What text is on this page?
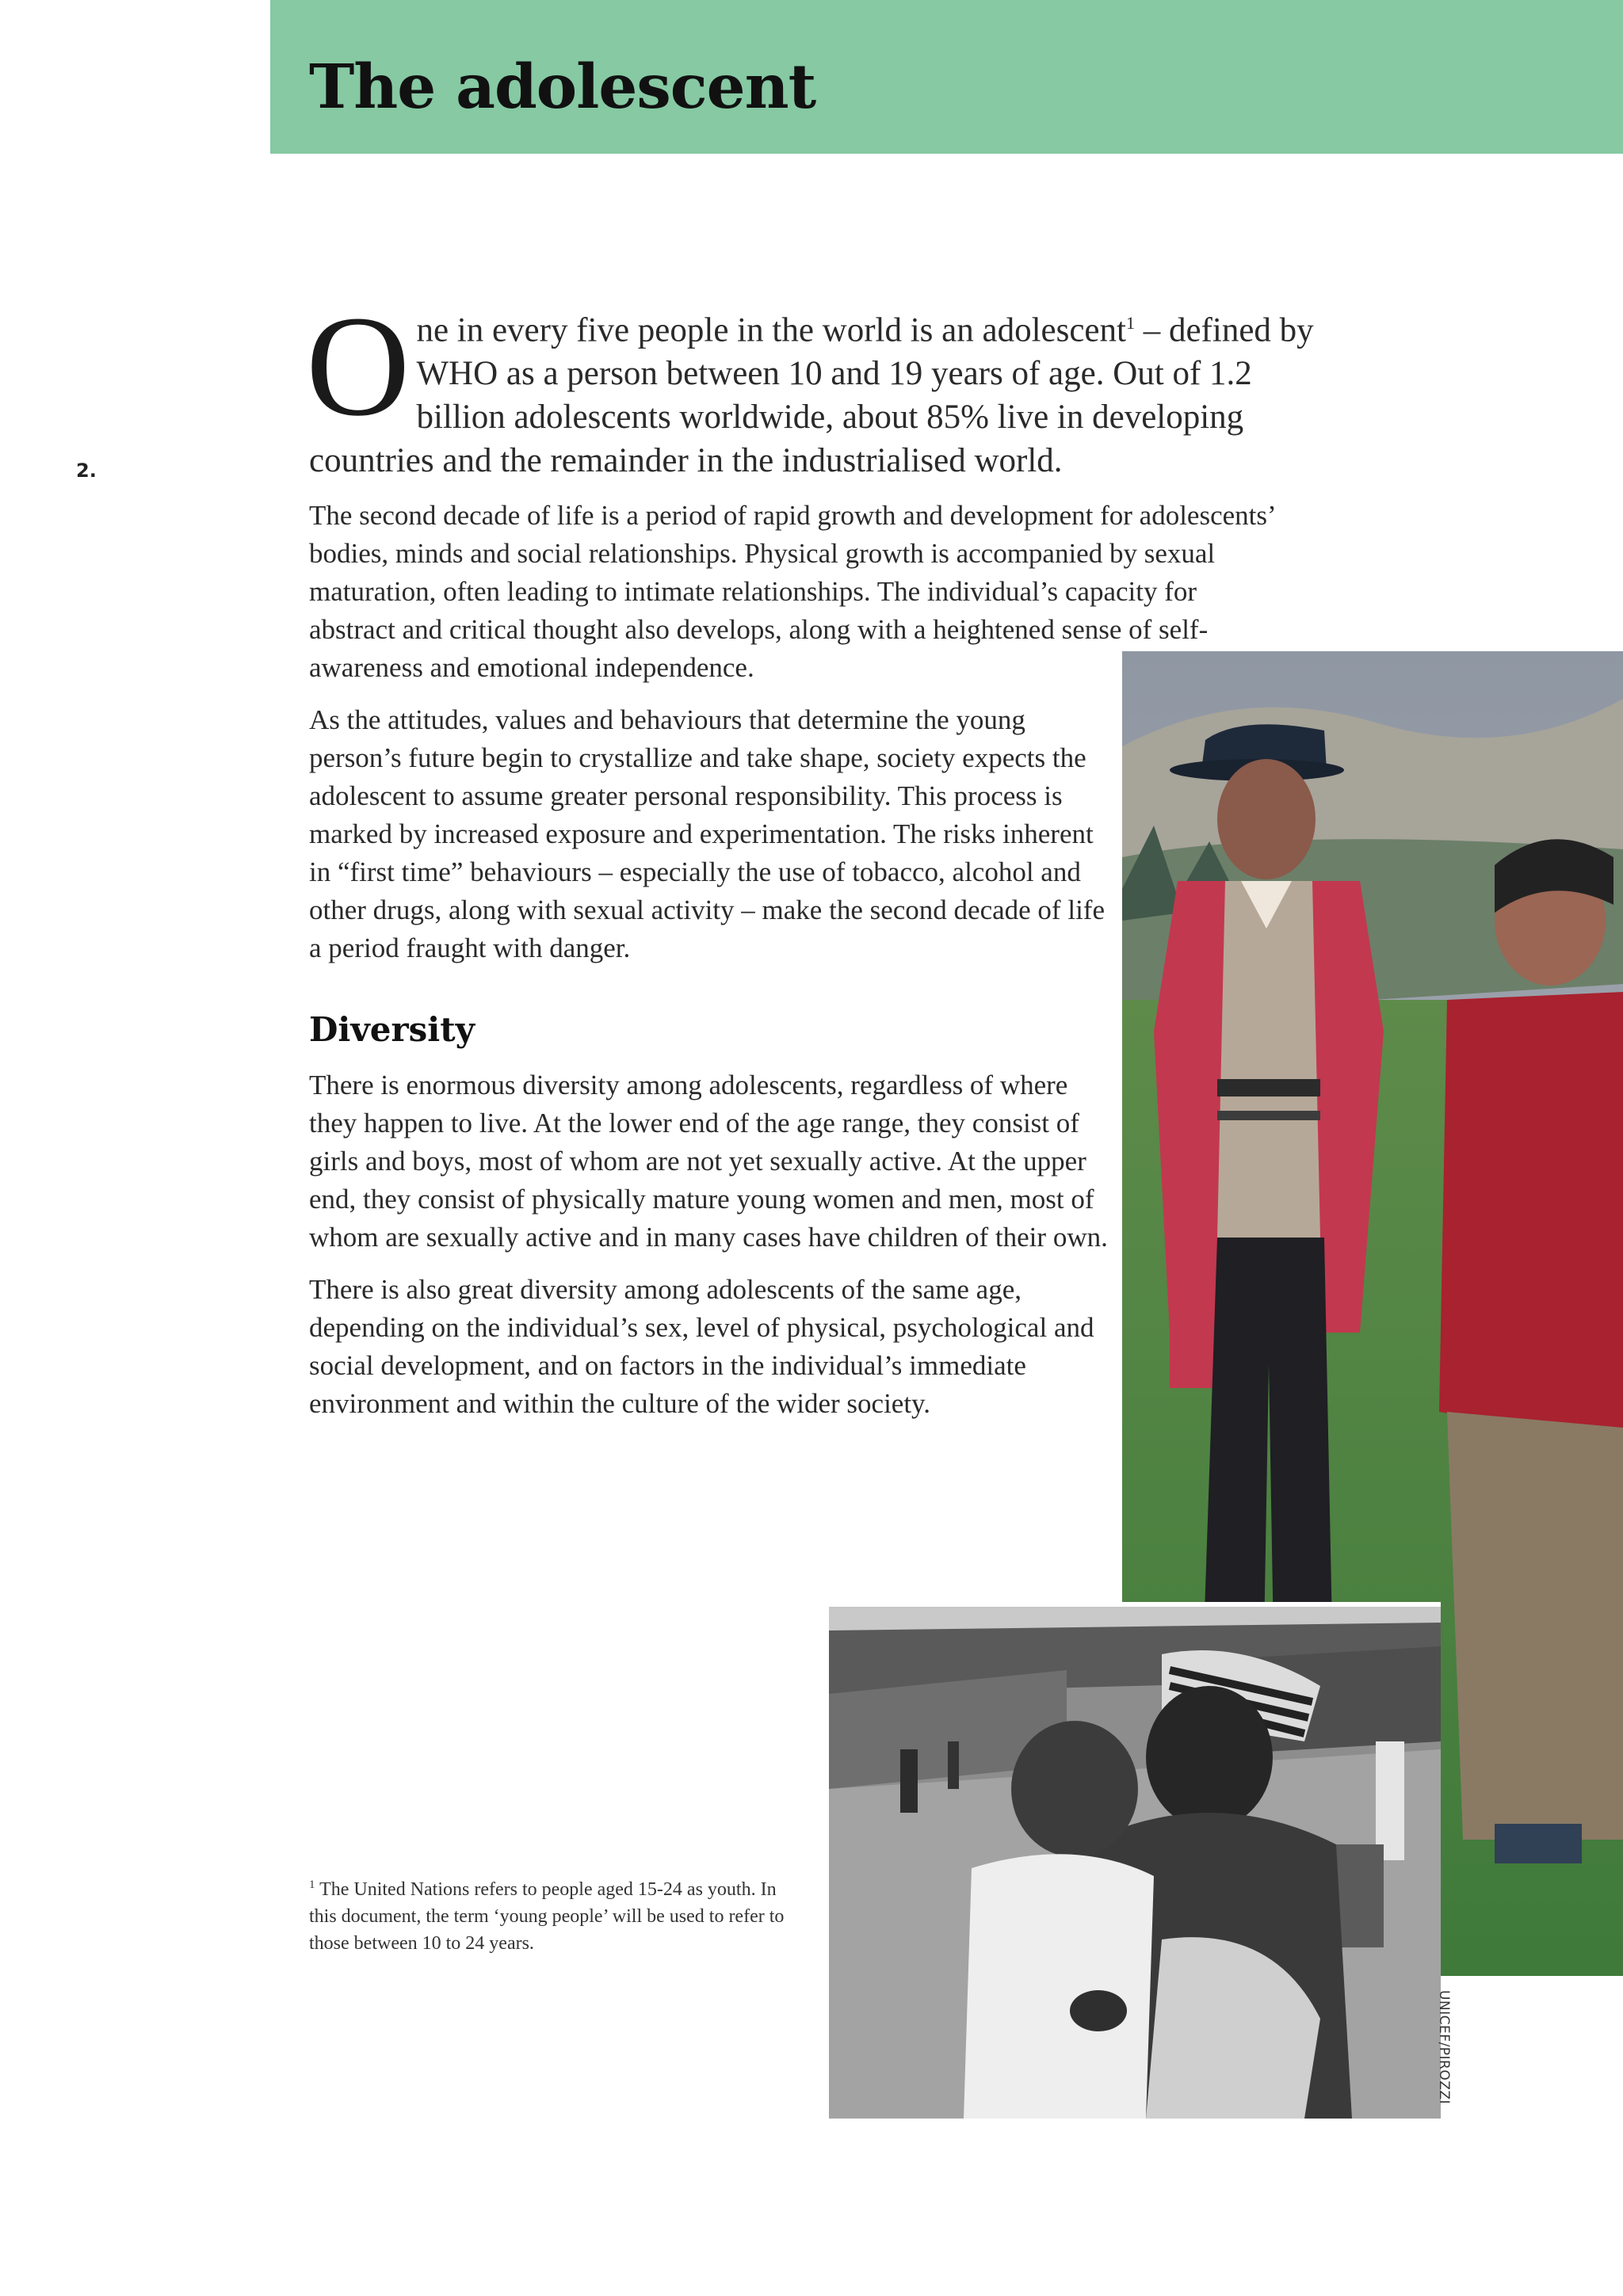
The adolescent
2.

One in every five people in the world is an adolescent$^1$ – defined by WHO as a person between 10 and 19 years of age. Out of 1.2 billion adolescents worldwide, about 85% live in developing countries and the remainder in the industrialised world.

The second decade of life is a period of rapid growth and development for adolescents’ bodies, minds and social relationships. Physical growth is accompanied by sexual maturation, often leading to intimate relationships. The individual’s capacity for abstract and critical thought also develops, along with a heightened sense of self-awareness and emotional independence.

As the attitudes, values and behaviours that determine the young person’s future begin to crystallize and take shape, society expects the adolescent to assume greater personal responsibility. This process is marked by increased exposure and experimentation. The risks inherent in “first time” behaviours – especially the use of tobacco, alcohol and other drugs, along with sexual activity – make the second decade of life a period fraught with danger.

Diversity

There is enormous diversity among adolescents, regardless of where they happen to live. At the lower end of the age range, they consist of girls and boys, most of whom are not yet sexually active. At the upper end, they consist of physically mature young women and men, most of whom are sexually active and in many cases have children of their own.

There is also great diversity among adolescents of the same age, depending on the individual’s sex, level of physical, psychological and social development, and on factors in the individual’s immediate environment and within the culture of the wider society.

$^1$ The United Nations refers to people aged 15-24 as youth. In this document, the term ‘young people’ will be used to refer to those between 10 to 24 years.

UNICEF/PIROZZI
